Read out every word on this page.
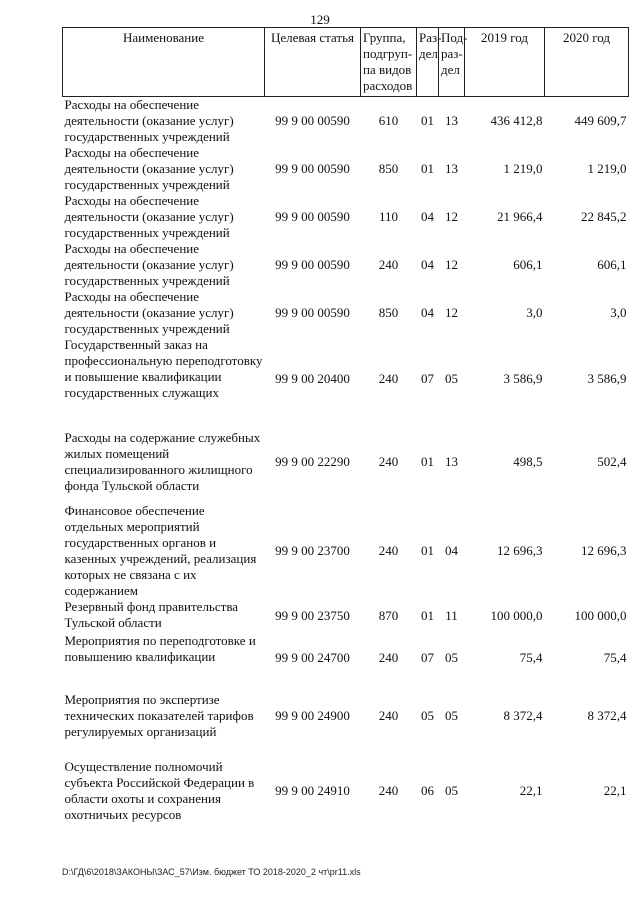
129
Наименование	Целевая статья	Группа, подгруп-па видов расходов	Раз-дел	Под-раз-дел	2019 год	2020 год
Расходы на обеспечение деятельности (оказание услуг) государственных учреждений	99 9 00 00590	610	01	13	436 412,8	449 609,7
Расходы на обеспечение деятельности (оказание услуг) государственных учреждений	99 9 00 00590	850	01	13	1 219,0	1 219,0
Расходы на обеспечение деятельности (оказание услуг) государственных учреждений	99 9 00 00590	110	04	12	21 966,4	22 845,2
Расходы на обеспечение деятельности (оказание услуг) государственных учреждений	99 9 00 00590	240	04	12	606,1	606,1
Расходы на обеспечение деятельности (оказание услуг) государственных учреждений	99 9 00 00590	850	04	12	3,0	3,0
Государственный заказ на профессиональную переподготовку и повышение квалификации государственных служащих	99 9 00 20400	240	07	05	3 586,9	3 586,9
Расходы на содержание служебных жилых помещений специализированного жилищного фонда Тульской области	99 9 00 22290	240	01	13	498,5	502,4
Финансовое обеспечение отдельных мероприятий государственных органов и казенных учреждений, реализация которых не связана с их содержанием	99 9 00 23700	240	01	04	12 696,3	12 696,3
Резервный фонд правительства Тульской области	99 9 00 23750	870	01	11	100 000,0	100 000,0
Мероприятия по переподготовке и повышению квалификации	99 9 00 24700	240	07	05	75,4	75,4
Мероприятия по экспертизе технических показателей тарифов регулируемых организаций	99 9 00 24900	240	05	05	8 372,4	8 372,4
Осуществление полномочий субъекта Российской Федерации в области охоты и сохранения охотничьих ресурсов	99 9 00 24910	240	06	05	22,1	22,1
D:\ГД\6\2018\ЗАКОНЫ\ЗАС_57\Изм. бюджет ТО 2018-2020_2 чт\pr11.xls
